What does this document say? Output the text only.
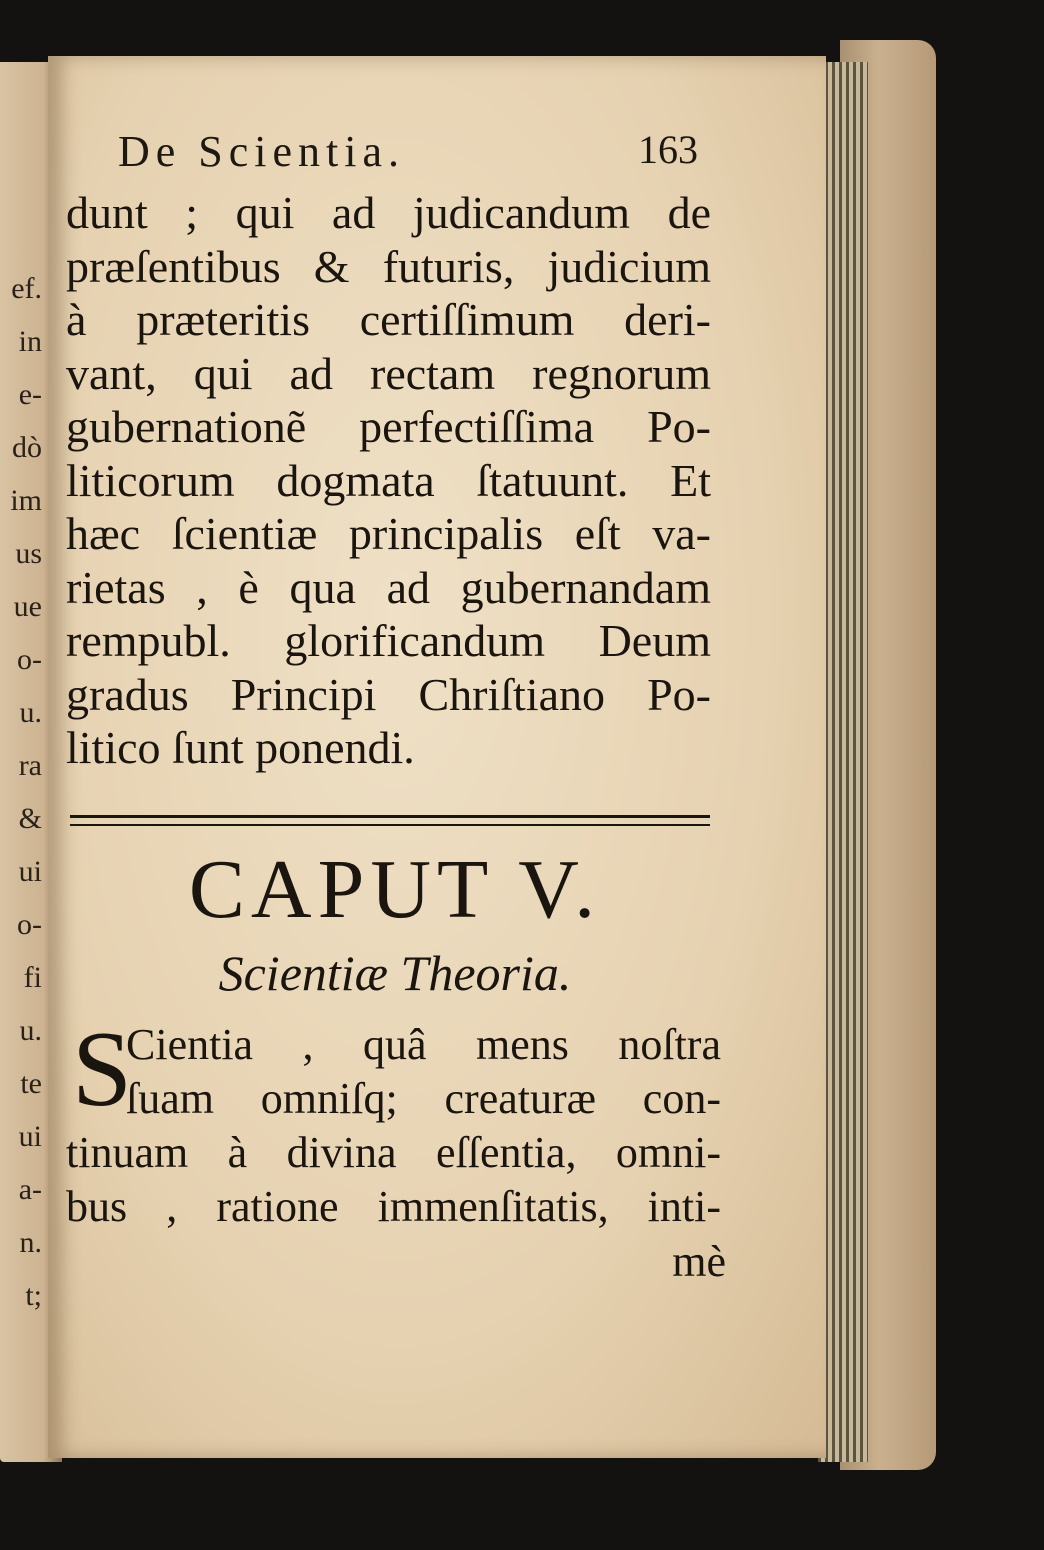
ef.
in
e-
dò
im
us
ue
o-
u.
ra
&
ui
o-
fi
u.
te
ui
a-
n.
t;
De Scientia.	163
dunt ; qui ad judicandum de
præſentibus & futuris, judicium
à præteritis certiſſimum deri-
vant, qui ad rectam regnorum
gubernationẽ perfectiſſima Po-
liticorum dogmata ſtatuunt. Et
hæc ſcientiæ principalis eſt va-
rietas , è qua ad gubernandam
rempubl. glorificandum Deum
gradus Principi Chriſtiano Po-
litico ſunt ponendi.
CAPUT V.
Scientiæ Theoria.
S
Cientia , quâ mens noſtra
ſuam omniſq; creaturæ con-
tinuam à divina eſſentia, omni-
bus , ratione immenſitatis, inti-
mè
